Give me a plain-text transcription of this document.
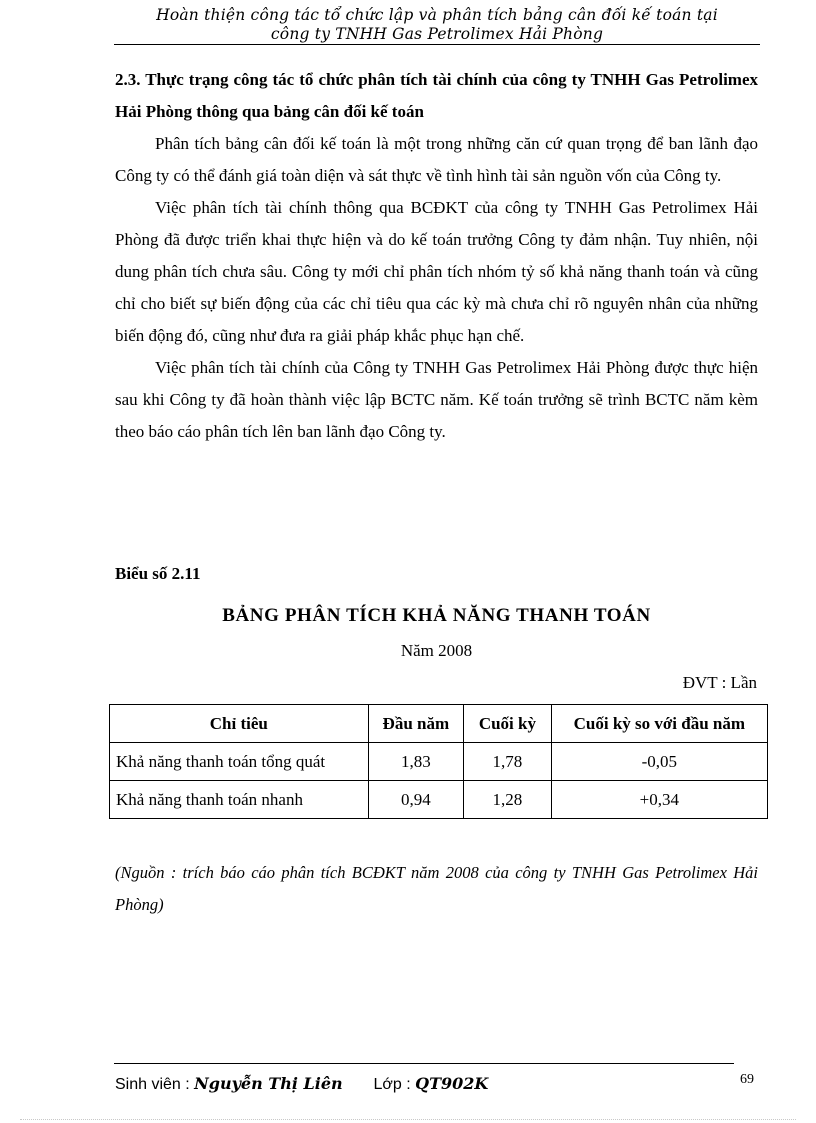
Hoàn thiện công tác tổ chức lập và phân tích bảng cân đối kế toán tại
công ty TNHH Gas Petrolimex Hải Phòng

2.3. Thực trạng công tác tổ chức phân tích tài chính của công ty TNHH Gas Petrolimex Hải Phòng thông qua bảng cân đối kế toán

Phân tích bảng cân đối kế toán là một trong những căn cứ quan trọng để ban lãnh đạo Công ty có thể đánh giá toàn diện và sát thực về tình hình tài sản nguồn vốn của Công ty.

Việc phân tích tài chính thông qua BCĐKT của công ty TNHH Gas Petrolimex Hải Phòng đã được triển khai thực hiện và do kế toán trưởng Công ty đảm nhận. Tuy nhiên, nội dung phân tích chưa sâu. Công ty mới chỉ phân tích nhóm tỷ số khả năng thanh toán và cũng chỉ cho biết sự biến động của các chỉ tiêu qua các kỳ mà chưa chỉ rõ nguyên nhân của những biến động đó, cũng như đưa ra giải pháp khắc phục hạn chế.

Việc phân tích tài chính của Công ty TNHH Gas Petrolimex Hải Phòng được thực hiện sau khi Công ty đã hoàn thành việc lập BCTC năm. Kế toán trưởng sẽ trình BCTC năm kèm theo báo cáo phân tích lên ban lãnh đạo Công ty.

Biểu số 2.11
BẢNG PHÂN TÍCH KHẢ NĂNG THANH TOÁN
Năm 2008
ĐVT : Lần
Chỉ tiêu	Đầu năm	Cuối kỳ	Cuối kỳ so với đầu năm
Khả năng thanh toán tổng quát	1,83	1,78	-0,05
Khả năng thanh toán nhanh	0,94	1,28	+0,34

(Nguồn : trích báo cáo phân tích BCĐKT năm 2008 của công ty TNHH Gas Petrolimex Hải Phòng)

Sinh viên : Nguyễn Thị Liên Lớp : QT902K	69
